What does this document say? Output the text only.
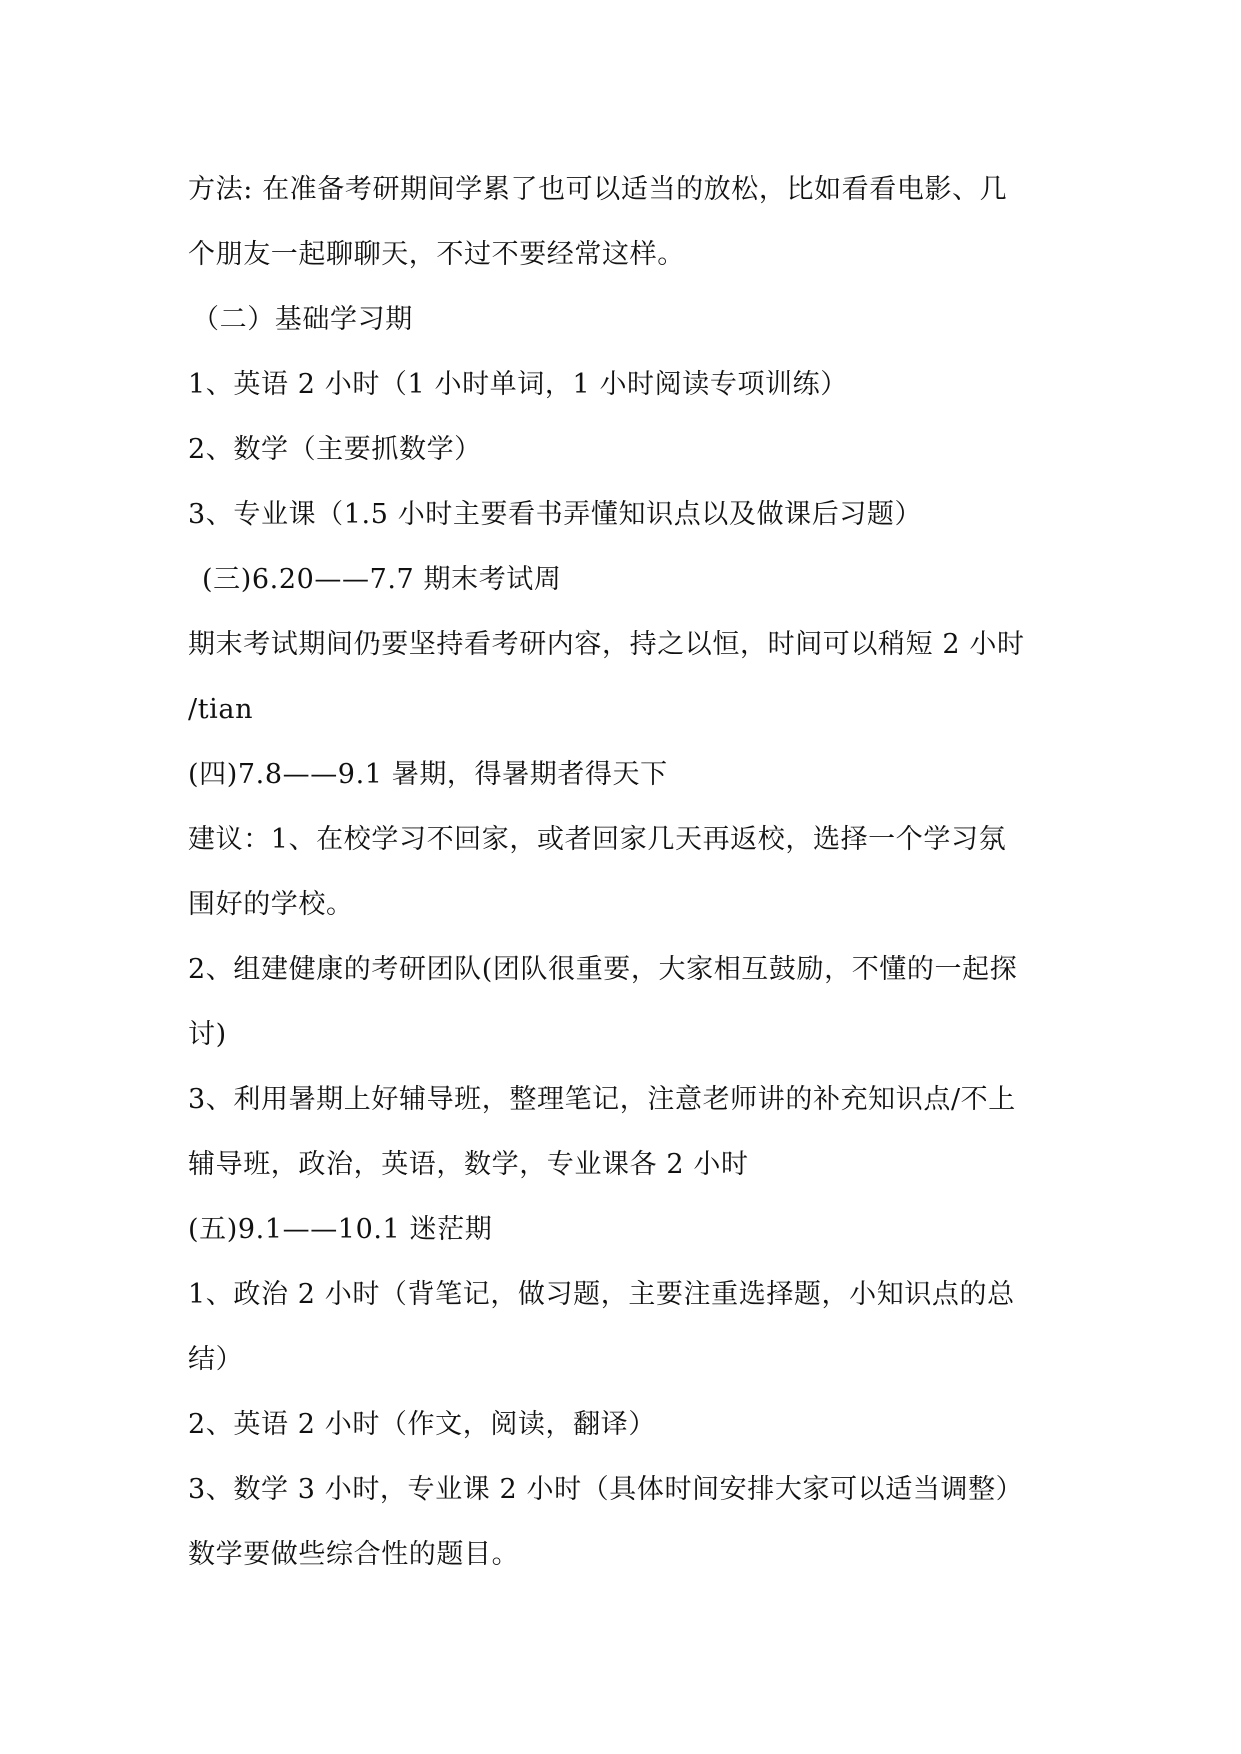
方法: 在准备考研期间学累了也可以适当的放松，比如看看电影、几
个朋友一起聊聊天，不过不要经常这样。
（二）基础学习期
1、英语 2 小时（1 小时单词，1 小时阅读专项训练）
2、数学（主要抓数学）
3、专业课（1.5 小时主要看书弄懂知识点以及做课后习题）
(三)6.20——7.7 期末考试周
期末考试期间仍要坚持看考研内容，持之以恒，时间可以稍短 2 小时
/tian
(四)7.8——9.1 暑期，得暑期者得天下
建议：1、在校学习不回家，或者回家几天再返校，选择一个学习氛
围好的学校。
2、组建健康的考研团队(团队很重要，大家相互鼓励，不懂的一起探
讨)
3、利用暑期上好辅导班，整理笔记，注意老师讲的补充知识点/不上
辅导班，政治，英语，数学，专业课各 2 小时
(五)9.1——10.1 迷茫期
1、政治 2 小时（背笔记，做习题，主要注重选择题，小知识点的总
结）
2、英语 2 小时（作文，阅读，翻译）
3、数学 3 小时，专业课 2 小时（具体时间安排大家可以适当调整）
数学要做些综合性的题目。
